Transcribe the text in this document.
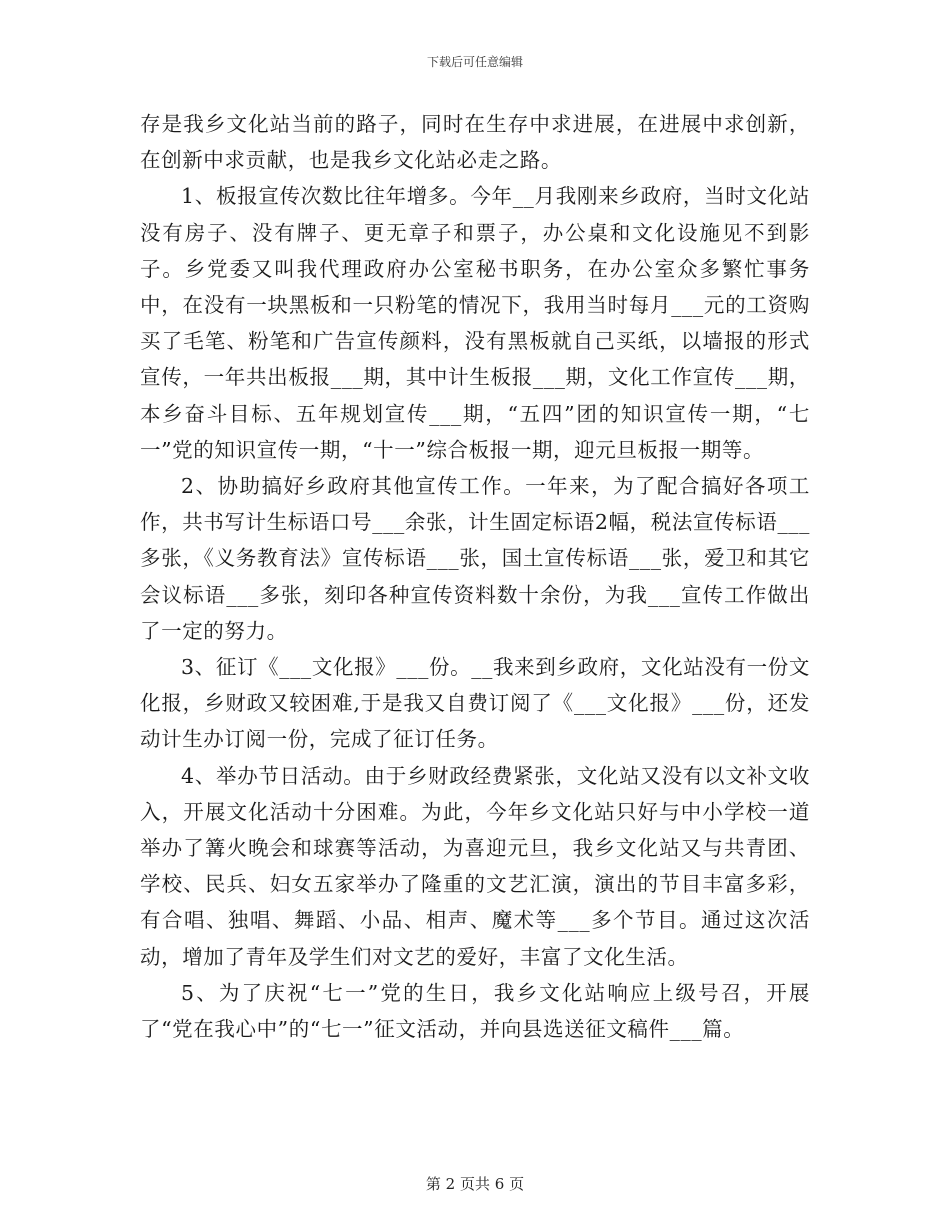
下载后可任意编辑

存是我乡文化站当前的路子，同时在生存中求进展，在进展中求创新，在创新中求贡献，也是我乡文化站必走之路。

1、板报宣传次数比往年增多。今年__月我刚来乡政府，当时文化站没有房子、没有牌子、更无章子和票子，办公桌和文化设施见不到影子。乡党委又叫我代理政府办公室秘书职务，在办公室众多繁忙事务中，在没有一块黑板和一只粉笔的情况下，我用当时每月___元的工资购买了毛笔、粉笔和广告宣传颜料，没有黑板就自己买纸，以墙报的形式宣传，一年共出板报___期，其中计生板报___期，文化工作宣传___期，本乡奋斗目标、五年规划宣传___期，“五四”团的知识宣传一期，“七一”党的知识宣传一期，“十一”综合板报一期，迎元旦板报一期等。

2、协助搞好乡政府其他宣传工作。一年来，为了配合搞好各项工作，共书写计生标语口号___余张，计生固定标语2幅，税法宣传标语___多张，《义务教育法》宣传标语___张，国土宣传标语___张，爱卫和其它会议标语___多张，刻印各种宣传资料数十余份，为我___宣传工作做出了一定的努力。

3、征订《___文化报》___份。__我来到乡政府，文化站没有一份文化报，乡财政又较困难,于是我又自费订阅了《___文化报》___份，还发动计生办订阅一份，完成了征订任务。

4、举办节日活动。由于乡财政经费紧张，文化站又没有以文补文收入，开展文化活动十分困难。为此，今年乡文化站只好与中小学校一道举办了篝火晚会和球赛等活动，为喜迎元旦，我乡文化站又与共青团、学校、民兵、妇女五家举办了隆重的文艺汇演，演出的节目丰富多彩，有合唱、独唱、舞蹈、小品、相声、魔术等___多个节目。通过这次活动，增加了青年及学生们对文艺的爱好，丰富了文化生活。

5、为了庆祝“七一”党的生日，我乡文化站响应上级号召，开展了“党在我心中”的“七一”征文活动，并向县选送征文稿件___篇。

第 2 页共 6 页
